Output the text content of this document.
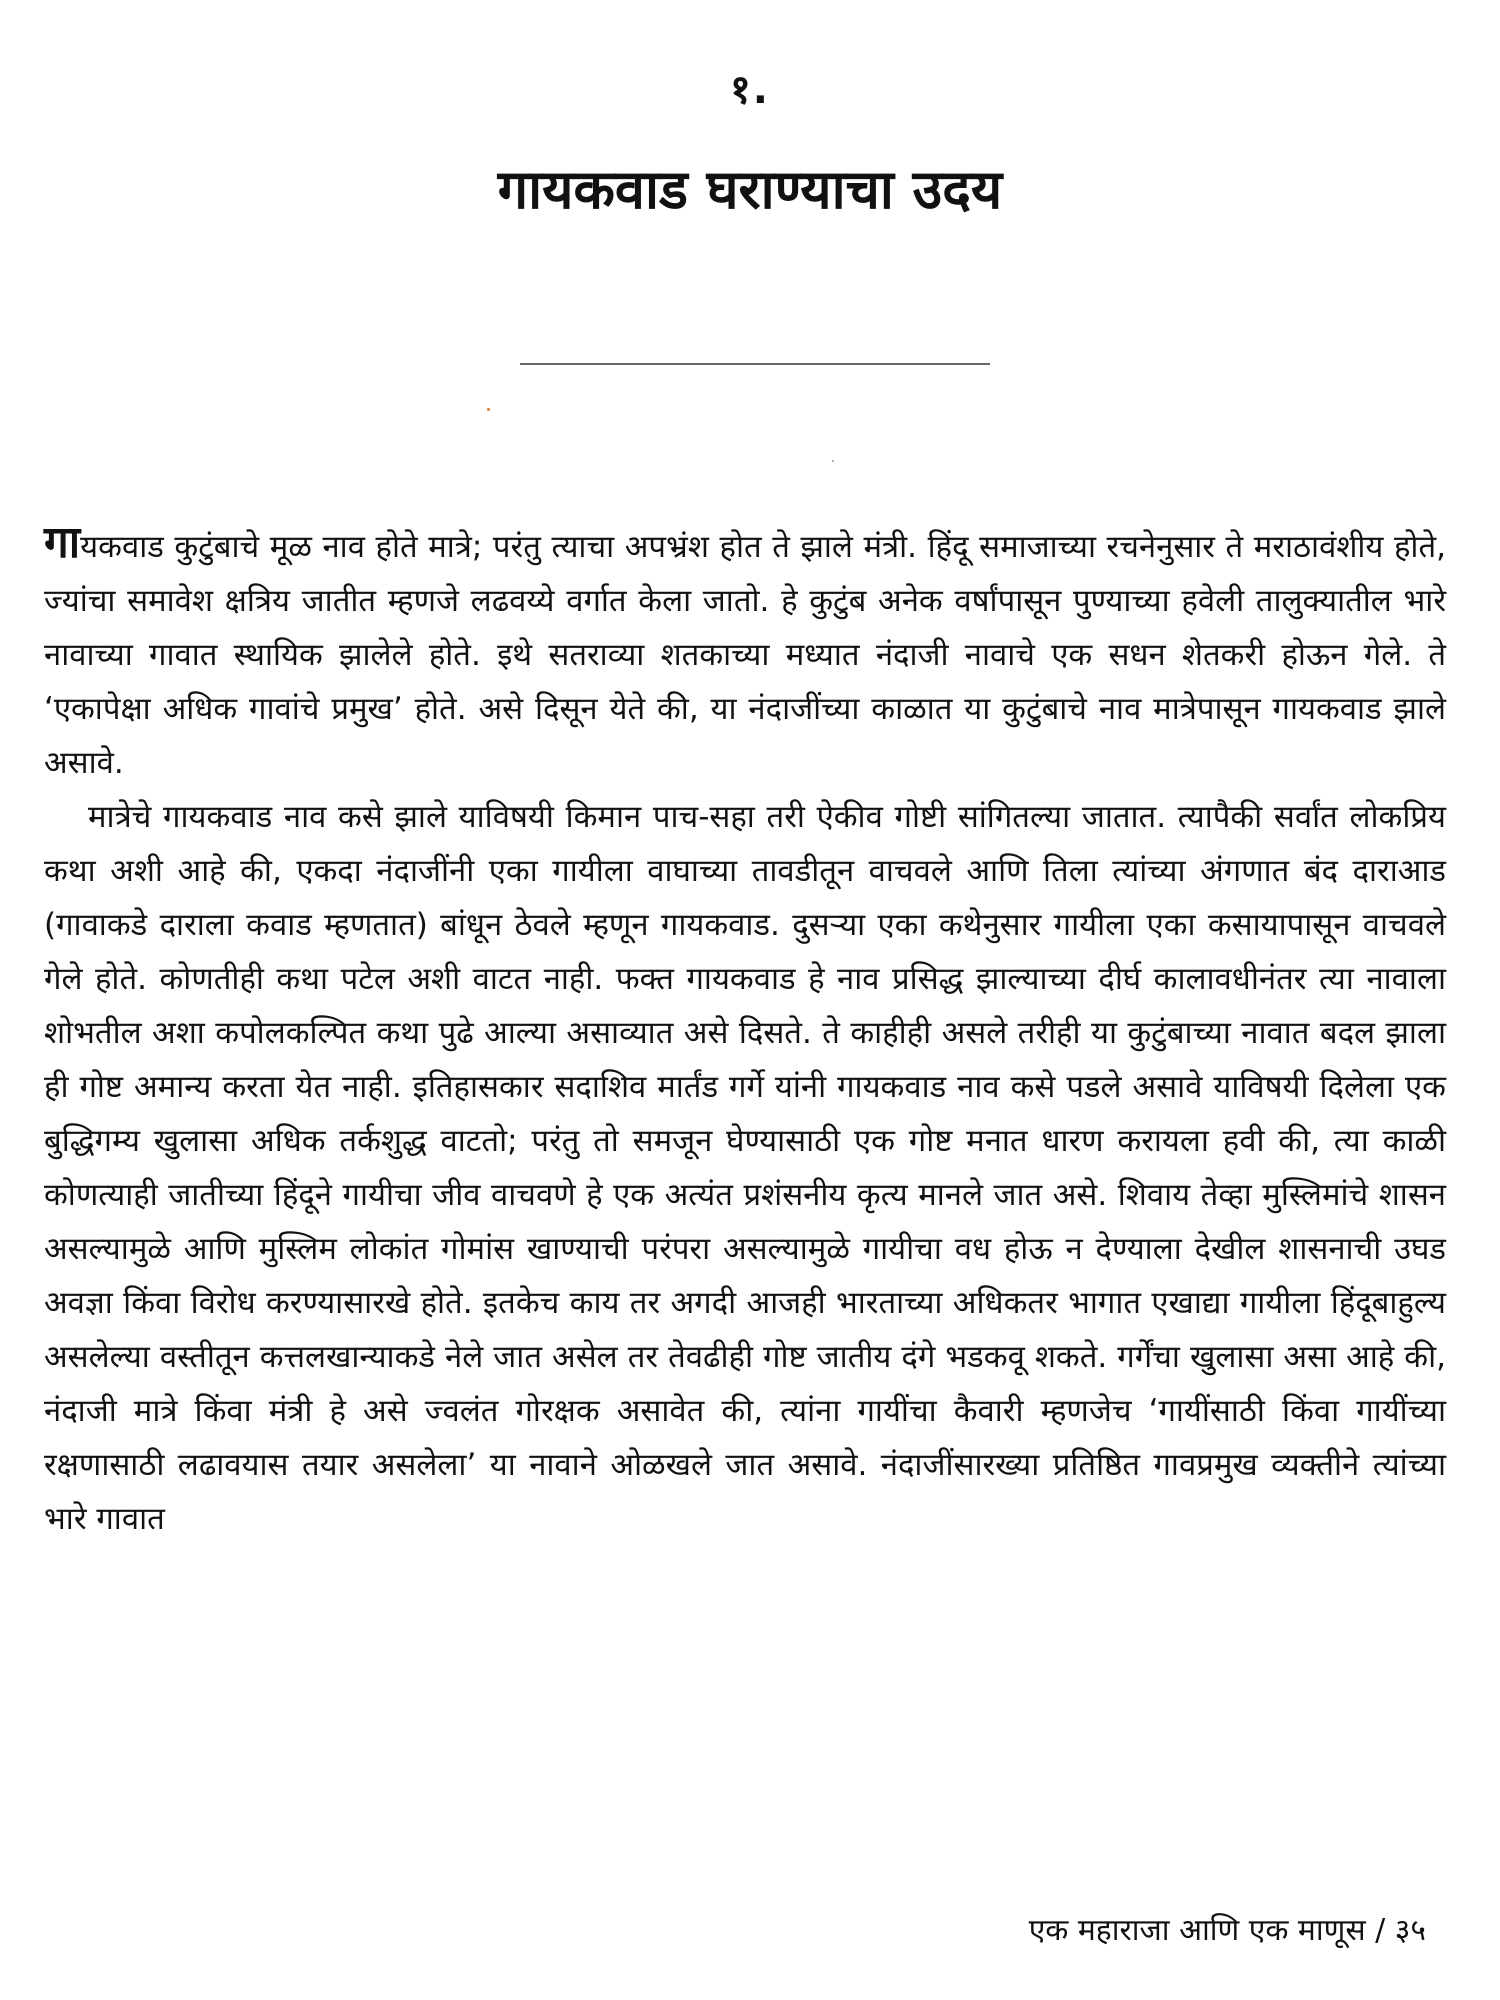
१.
गायकवाड घराण्याचा उदय

गायकवाड कुटुंबाचे मूळ नाव होते मात्रे; परंतु त्याचा अपभ्रंश होत ते झाले मंत्री. हिंदू समाजाच्या रचनेनुसार ते मराठावंशीय होते, ज्यांचा समावेश क्षत्रिय जातीत म्हणजे लढवय्ये वर्गात केला जातो. हे कुटुंब अनेक वर्षांपासून पुण्याच्या हवेली तालुक्यातील भारे नावाच्या गावात स्थायिक झालेले होते. इथे सतराव्या शतकाच्या मध्यात नंदाजी नावाचे एक सधन शेतकरी होऊन गेले. ते ‘एकापेक्षा अधिक गावांचे प्रमुख’ होते. असे दिसून येते की, या नंदाजींच्या काळात या कुटुंबाचे नाव मात्रेपासून गायकवाड झाले असावे.

मात्रेचे गायकवाड नाव कसे झाले याविषयी किमान पाच-सहा तरी ऐकीव गोष्टी सांगितल्या जातात. त्यापैकी सर्वांत लोकप्रिय कथा अशी आहे की, एकदा नंदाजींनी एका गायीला वाघाच्या तावडीतून वाचवले आणि तिला त्यांच्या अंगणात बंद दाराआड (गावाकडे दाराला कवाड म्हणतात) बांधून ठेवले म्हणून गायकवाड. दुसऱ्या एका कथेनुसार गायीला एका कसायापासून वाचवले गेले होते. कोणतीही कथा पटेल अशी वाटत नाही. फक्त गायकवाड हे नाव प्रसिद्ध झाल्याच्या दीर्घ कालावधीनंतर त्या नावाला शोभतील अशा कपोलकल्पित कथा पुढे आल्या असाव्यात असे दिसते. ते काहीही असले तरीही या कुटुंबाच्या नावात बदल झाला ही गोष्ट अमान्य करता येत नाही. इतिहासकार सदाशिव मार्तंड गर्गे यांनी गायकवाड नाव कसे पडले असावे याविषयी दिलेला एक बुद्धिगम्य खुलासा अधिक तर्कशुद्ध वाटतो; परंतु तो समजून घेण्यासाठी एक गोष्ट मनात धारण करायला हवी की, त्या काळी कोणत्याही जातीच्या हिंदूने गायीचा जीव वाचवणे हे एक अत्यंत प्रशंसनीय कृत्य मानले जात असे. शिवाय तेव्हा मुस्लिमांचे शासन असल्यामुळे आणि मुस्लिम लोकांत गोमांस खाण्याची परंपरा असल्यामुळे गायीचा वध होऊ न देण्याला देखील शासनाची उघड अवज्ञा किंवा विरोध करण्यासारखे होते. इतकेच काय तर अगदी आजही भारताच्या अधिकतर भागात एखाद्या गायीला हिंदूबाहुल्य असलेल्या वस्तीतून कत्तलखान्याकडे नेले जात असेल तर तेवढीही गोष्ट जातीय दंगे भडकवू शकते. गर्गेंचा खुलासा असा आहे की, नंदाजी मात्रे किंवा मंत्री हे असे ज्वलंत गोरक्षक असावेत की, त्यांना गायींचा कैवारी म्हणजेच ‘गायींसाठी किंवा गायींच्या रक्षणासाठी लढावयास तयार असलेला’ या नावाने ओळखले जात असावे. नंदाजींसारख्या प्रतिष्ठित गावप्रमुख व्यक्तीने त्यांच्या भारे गावात

एक महाराजा आणि एक माणूस / ३५
